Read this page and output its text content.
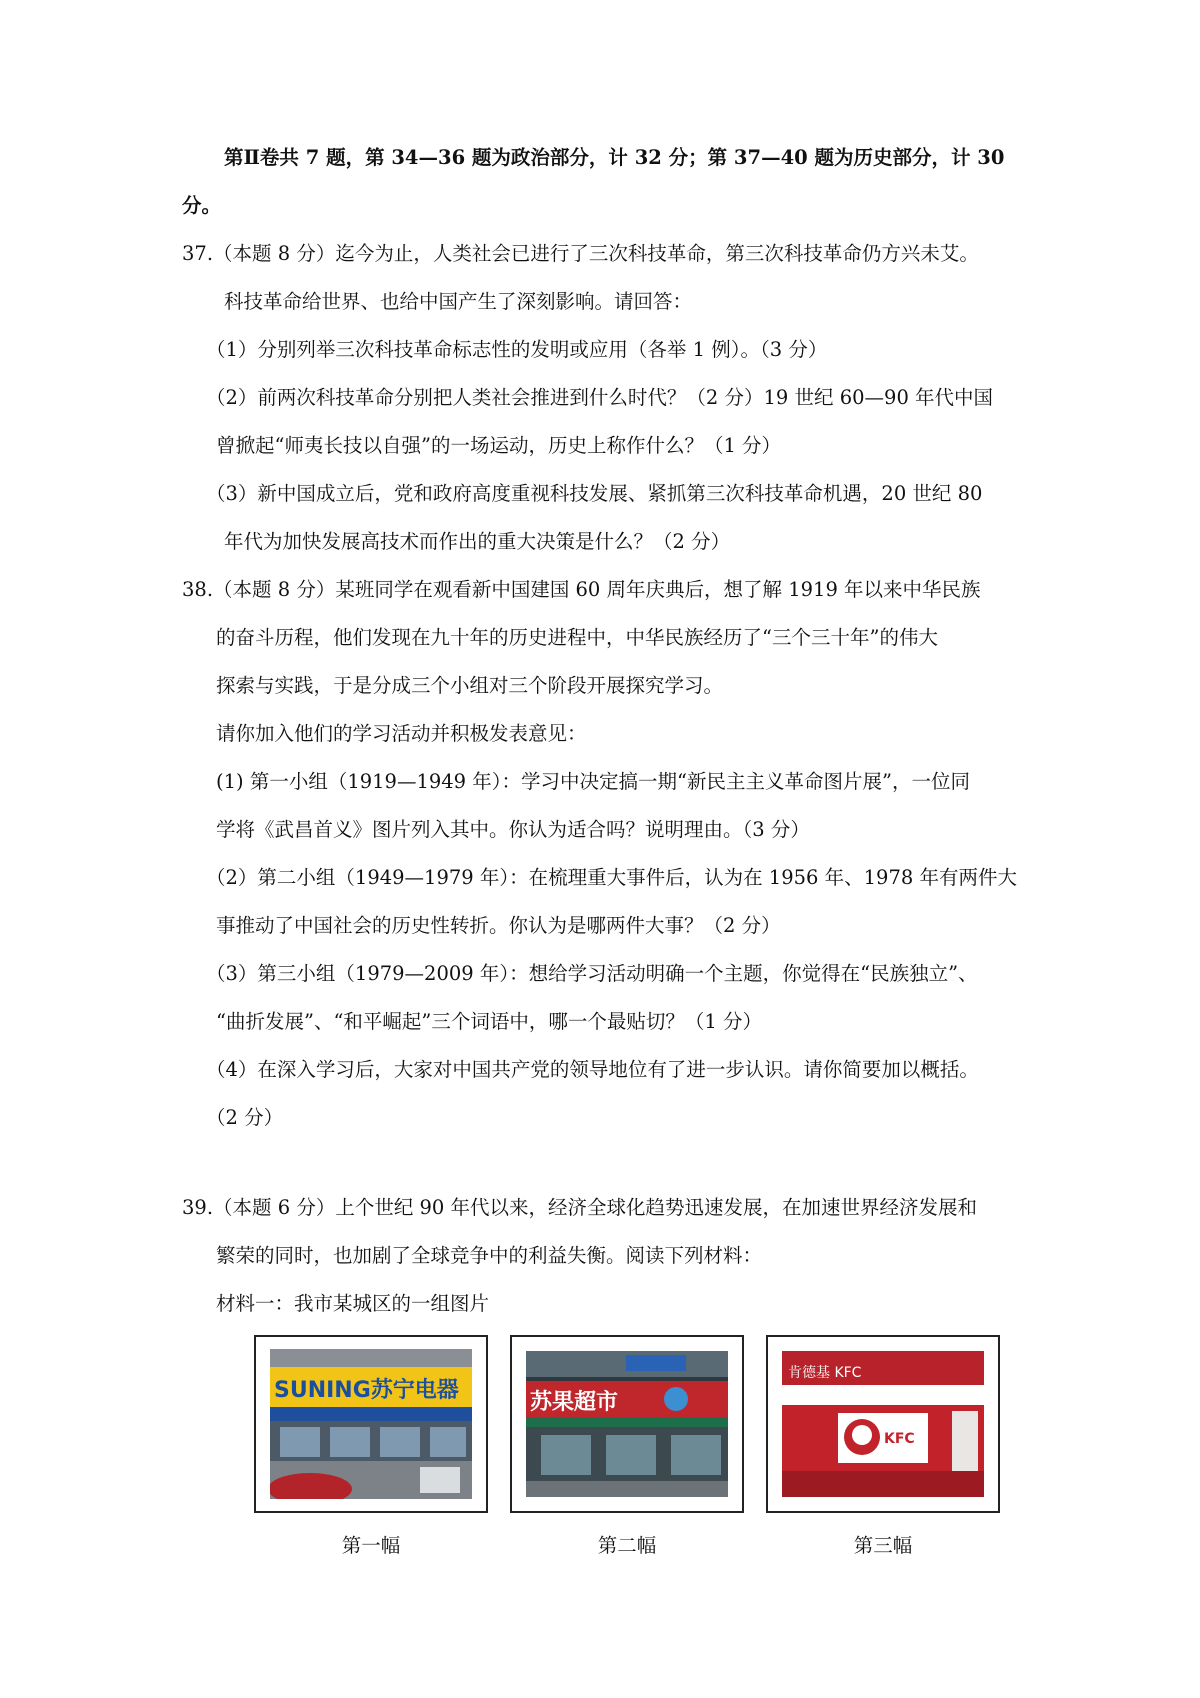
第Ⅱ卷共 7 题，第 34—36 题为政治部分，计 32 分；第 37—40 题为历史部分，计 30
分。
37.（本题 8 分）迄今为止，人类社会已进行了三次科技革命，第三次科技革命仍方兴未艾。
科技革命给世界、也给中国产生了深刻影响。请回答：
（1）分别列举三次科技革命标志性的发明或应用（各举 1 例）。（3 分）
（2）前两次科技革命分别把人类社会推进到什么时代？（2 分）19 世纪 60—90 年代中国
曾掀起“师夷长技以自强”的一场运动，历史上称作什么？（1 分）
（3）新中国成立后，党和政府高度重视科技发展、紧抓第三次科技革命机遇，20 世纪 80
年代为加快发展高技术而作出的重大决策是什么？（2 分）
38.（本题 8 分）某班同学在观看新中国建国 60 周年庆典后，想了解 1919 年以来中华民族
的奋斗历程，他们发现在九十年的历史进程中，中华民族经历了“三个三十年”的伟大
探索与实践，于是分成三个小组对三个阶段开展探究学习。
请你加入他们的学习活动并积极发表意见：
(1) 第一小组（1919—1949 年）：学习中决定搞一期“新民主主义革命图片展”，一位同
学将《武昌首义》图片列入其中。你认为适合吗？说明理由。（3 分）
（2）第二小组（1949—1979 年）：在梳理重大事件后，认为在 1956 年、1978 年有两件大
事推动了中国社会的历史性转折。你认为是哪两件大事？（2 分）
（3）第三小组（1979—2009 年）：想给学习活动明确一个主题，你觉得在“民族独立”、
“曲折发展”、“和平崛起”三个词语中，哪一个最贴切？（1 分）
（4）在深入学习后，大家对中国共产党的领导地位有了进一步认识。请你简要加以概括。
（2 分）
39.（本题 6 分）上个世纪 90 年代以来，经济全球化趋势迅速发展，在加速世界经济发展和
繁荣的同时，也加剧了全球竞争中的利益失衡。阅读下列材料：
材料一：我市某城区的一组图片
SUNING苏宁电器
第一幅
苏果超市
第二幅
KFC
肯德基 KFC
第三幅
